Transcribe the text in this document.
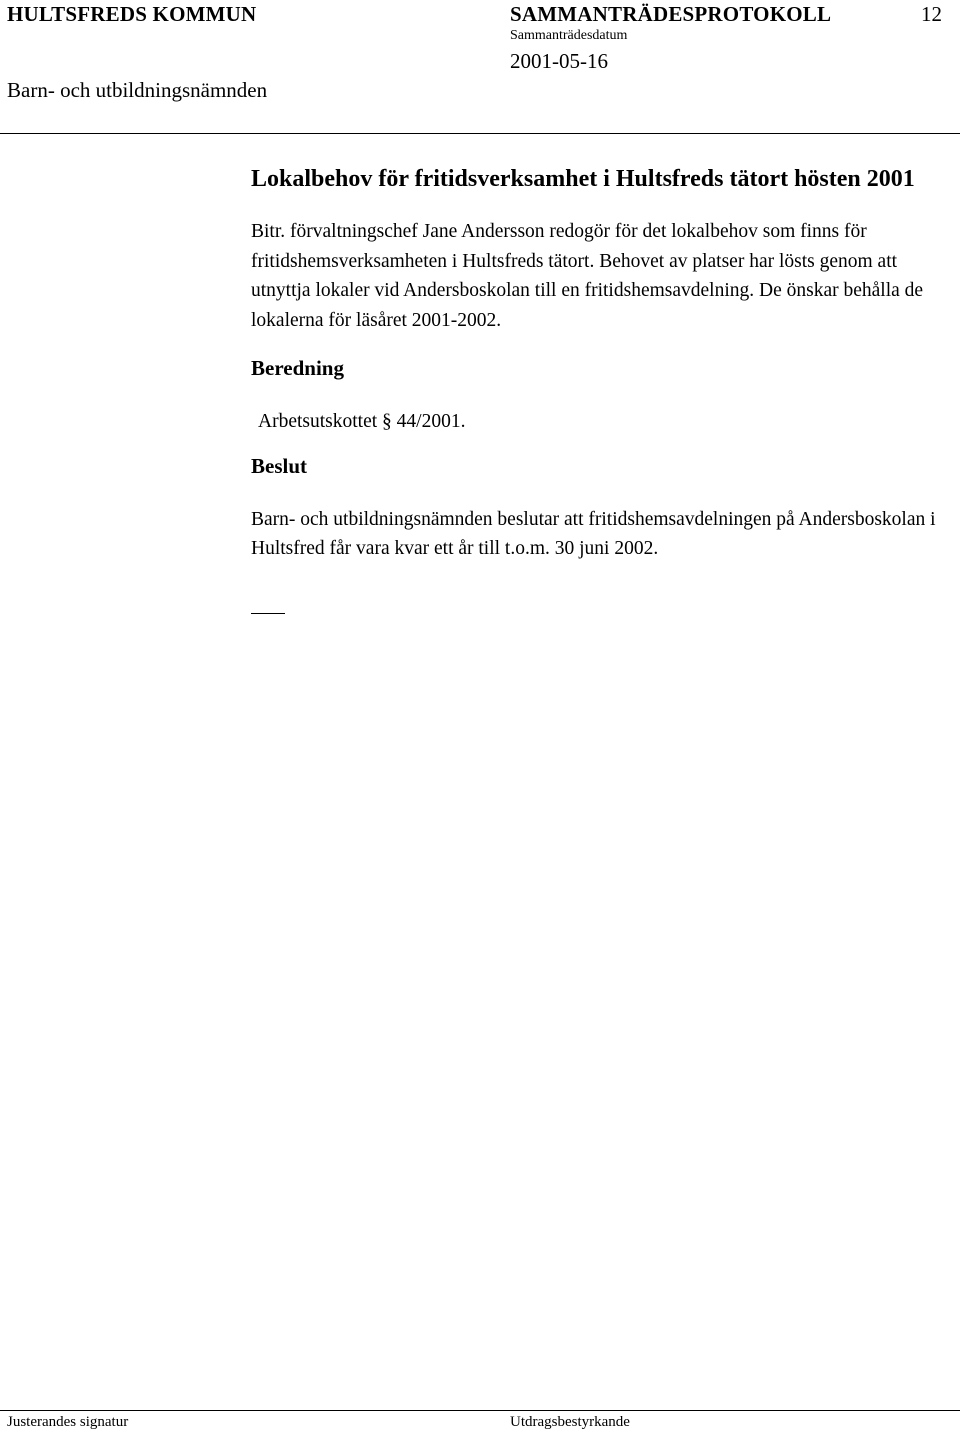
HULTSFREDS KOMMUN	SAMMANTRÄDESPROTOKOLL	12
Sammanträdesdatum
2001-05-16
Barn- och utbildningsnämnden
Lokalbehov för fritidsverksamhet i Hultsfreds tätort hösten 2001

Bitr. förvaltningschef Jane Andersson redogör för det lokalbehov som finns för fritidshemsverksamheten i Hultsfreds tätort. Behovet av platser har lösts genom att utnyttja lokaler vid Andersboskolan till en fritidshemsavdelning. De önskar behålla de lokalerna för läsåret 2001-2002.

Beredning

Arbetsutskottet § 44/2001.

Beslut

Barn- och utbildningsnämnden beslutar att fritidshemsavdelningen på Andersboskolan i Hultsfred får vara kvar ett år till t.o.m. 30 juni 2002.

Justerandes signatur	Utdragsbestyrkande
